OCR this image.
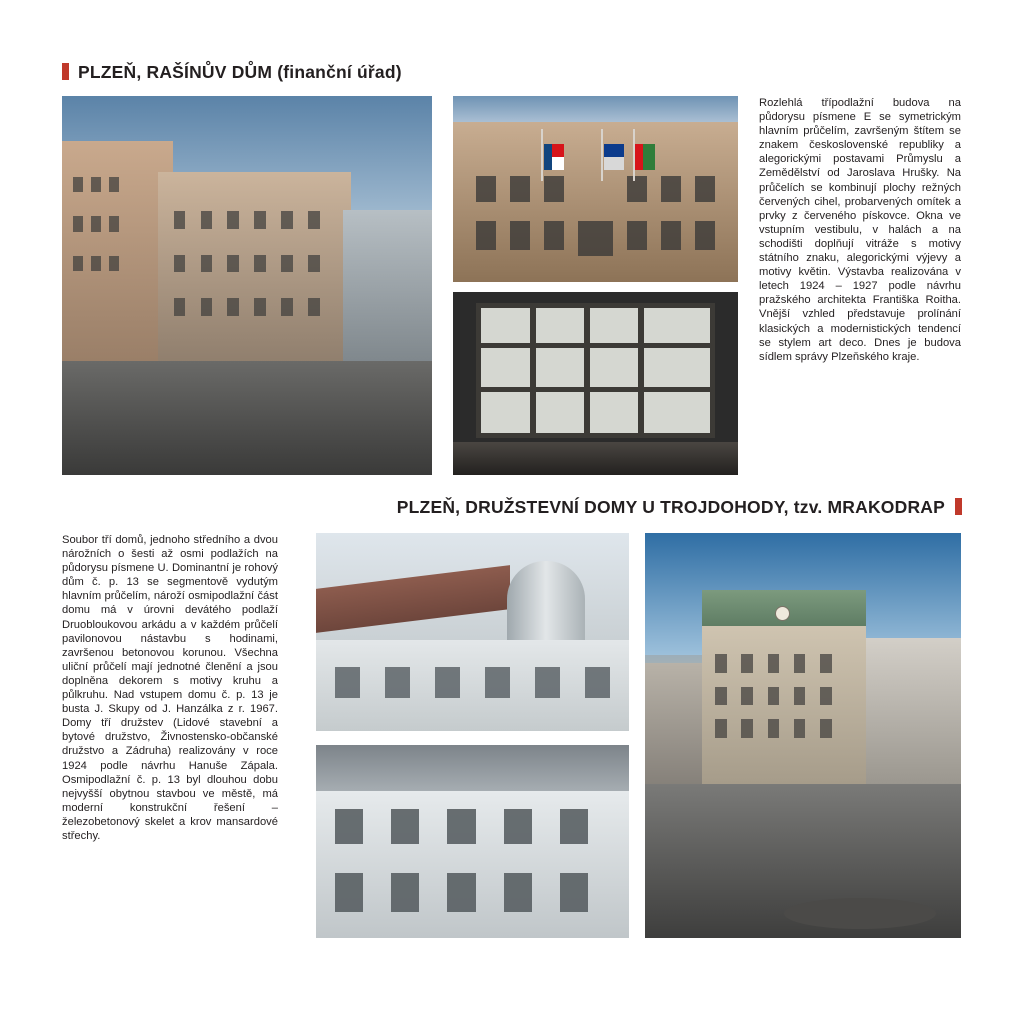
PLZEŇ, RAŠÍNŮV DŮM (finanční úřad)
Rozlehlá třípodlažní budova na půdorysu písmene E se symetrickým hlavním průčelím, završeným štítem se znakem československé republiky a alegorickými postavami Průmyslu a Zemědělství od Jaroslava Hrušky. Na průčelích se kombinují plochy režných červených cihel, probarvených omítek a prvky z červeného pískovce. Okna ve vstupním vestibulu, v halách a na schodišti doplňují vitráže s motivy státního znaku, alegorickými výjevy a motivy květin. Výstavba realizována v letech 1924 – 1927 podle návrhu pražského architekta Františka Roitha. Vnější vzhled představuje prolínání klasických a modernistických tendencí se stylem art deco. Dnes je budova sídlem správy Plzeňského kraje.
PLZEŇ, DRUŽSTEVNÍ DOMY U TROJDOHODY, tzv. MRAKODRAP
Soubor tří domů, jednoho středního a dvou nárožních o šesti až osmi podlažích na půdorysu písmene U. Dominantní je rohový dům č. p. 13 se segmentově vydutým hlavním průčelím, nároží osmipodlažní část domu má v úrovni devátého podlaží Druobloukovou arkádu a v každém průčelí pavilonovou nástavbu s hodinami, završenou betonovou korunou. Všechna uliční průčelí mají jednotné členění a jsou doplněna dekorem s motivy kruhu a půlkruhu. Nad vstupem domu č. p. 13 je busta J. Skupy od J. Hanzálka z r. 1967. Domy tří družstev (Lidové stavební a bytové družstvo, Živnostensko-občanské družstvo a Zádruha) realizovány v roce 1924 podle návrhu Hanuše Zápala. Osmipodlažní č. p. 13 byl dlouhou dobu nejvyšší obytnou stavbou ve městě, má moderní konstrukční řešení – železobetonový skelet a krov mansardové střechy.
